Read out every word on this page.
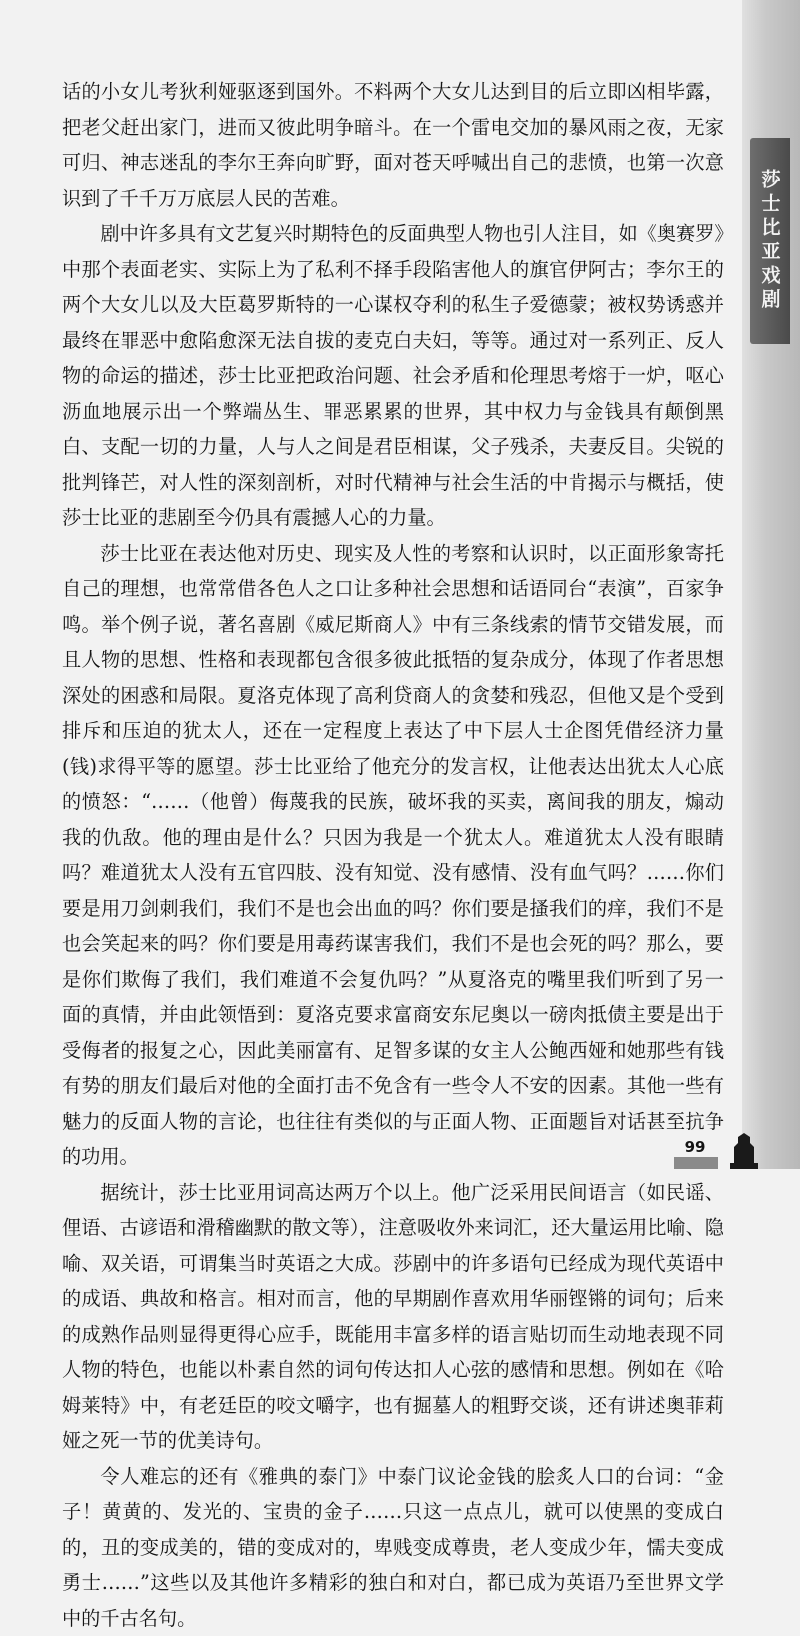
话的小女儿考狄利娅驱逐到国外。不料两个大女儿达到目的后立即凶相毕露，把老父赶出家门，进而又彼此明争暗斗。在一个雷电交加的暴风雨之夜，无家可归、神志迷乱的李尔王奔向旷野，面对苍天呼喊出自己的悲愤，也第一次意识到了千千万万底层人民的苦难。

剧中许多具有文艺复兴时期特色的反面典型人物也引人注目，如《奥赛罗》中那个表面老实、实际上为了私利不择手段陷害他人的旗官伊阿古；李尔王的两个大女儿以及大臣葛罗斯特的一心谋权夺利的私生子爱德蒙；被权势诱惑并最终在罪恶中愈陷愈深无法自拔的麦克白夫妇，等等。通过对一系列正、反人物的命运的描述，莎士比亚把政治问题、社会矛盾和伦理思考熔于一炉，呕心沥血地展示出一个弊端丛生、罪恶累累的世界，其中权力与金钱具有颠倒黑白、支配一切的力量，人与人之间是君臣相谋，父子残杀，夫妻反目。尖锐的批判锋芒，对人性的深刻剖析，对时代精神与社会生活的中肯揭示与概括，使莎士比亚的悲剧至今仍具有震撼人心的力量。

莎士比亚在表达他对历史、现实及人性的考察和认识时，以正面形象寄托自己的理想，也常常借各色人之口让多种社会思想和话语同台“表演”，百家争鸣。举个例子说，著名喜剧《威尼斯商人》中有三条线索的情节交错发展，而且人物的思想、性格和表现都包含很多彼此抵牾的复杂成分，体现了作者思想深处的困惑和局限。夏洛克体现了高利贷商人的贪婪和残忍，但他又是个受到排斥和压迫的犹太人，还在一定程度上表达了中下层人士企图凭借经济力量(钱)求得平等的愿望。莎士比亚给了他充分的发言权，让他表达出犹太人心底的愤怒：“……（他曾）侮蔑我的民族，破坏我的买卖，离间我的朋友，煽动我的仇敌。他的理由是什么？只因为我是一个犹太人。难道犹太人没有眼睛吗？难道犹太人没有五官四肢、没有知觉、没有感情、没有血气吗？……你们要是用刀剑刺我们，我们不是也会出血的吗？你们要是搔我们的痒，我们不是也会笑起来的吗？你们要是用毒药谋害我们，我们不是也会死的吗？那么，要是你们欺侮了我们，我们难道不会复仇吗？”从夏洛克的嘴里我们听到了另一面的真情，并由此领悟到：夏洛克要求富商安东尼奥以一磅肉抵债主要是出于受侮者的报复之心，因此美丽富有、足智多谋的女主人公鲍西娅和她那些有钱有势的朋友们最后对他的全面打击不免含有一些令人不安的因素。其他一些有魅力的反面人物的言论，也往往有类似的与正面人物、正面题旨对话甚至抗争的功用。

据统计，莎士比亚用词高达两万个以上。他广泛采用民间语言（如民谣、俚语、古谚语和滑稽幽默的散文等），注意吸收外来词汇，还大量运用比喻、隐喻、双关语，可谓集当时英语之大成。莎剧中的许多语句已经成为现代英语中的成语、典故和格言。相对而言，他的早期剧作喜欢用华丽铿锵的词句；后来的成熟作品则显得更得心应手，既能用丰富多样的语言贴切而生动地表现不同人物的特色，也能以朴素自然的词句传达扣人心弦的感情和思想。例如在《哈姆莱特》中，有老廷臣的咬文嚼字，也有掘墓人的粗野交谈，还有讲述奥菲莉娅之死一节的优美诗句。

令人难忘的还有《雅典的泰门》中泰门议论金钱的脍炙人口的台词：“金子！黄黄的、发光的、宝贵的金子……只这一点点儿，就可以使黑的变成白的，丑的变成美的，错的变成对的，卑贱变成尊贵，老人变成少年，懦夫变成勇士……”这些以及其他许多精彩的独白和对白，都已成为英语乃至世界文学中的千古名句。

莎士比亚戏剧
99
